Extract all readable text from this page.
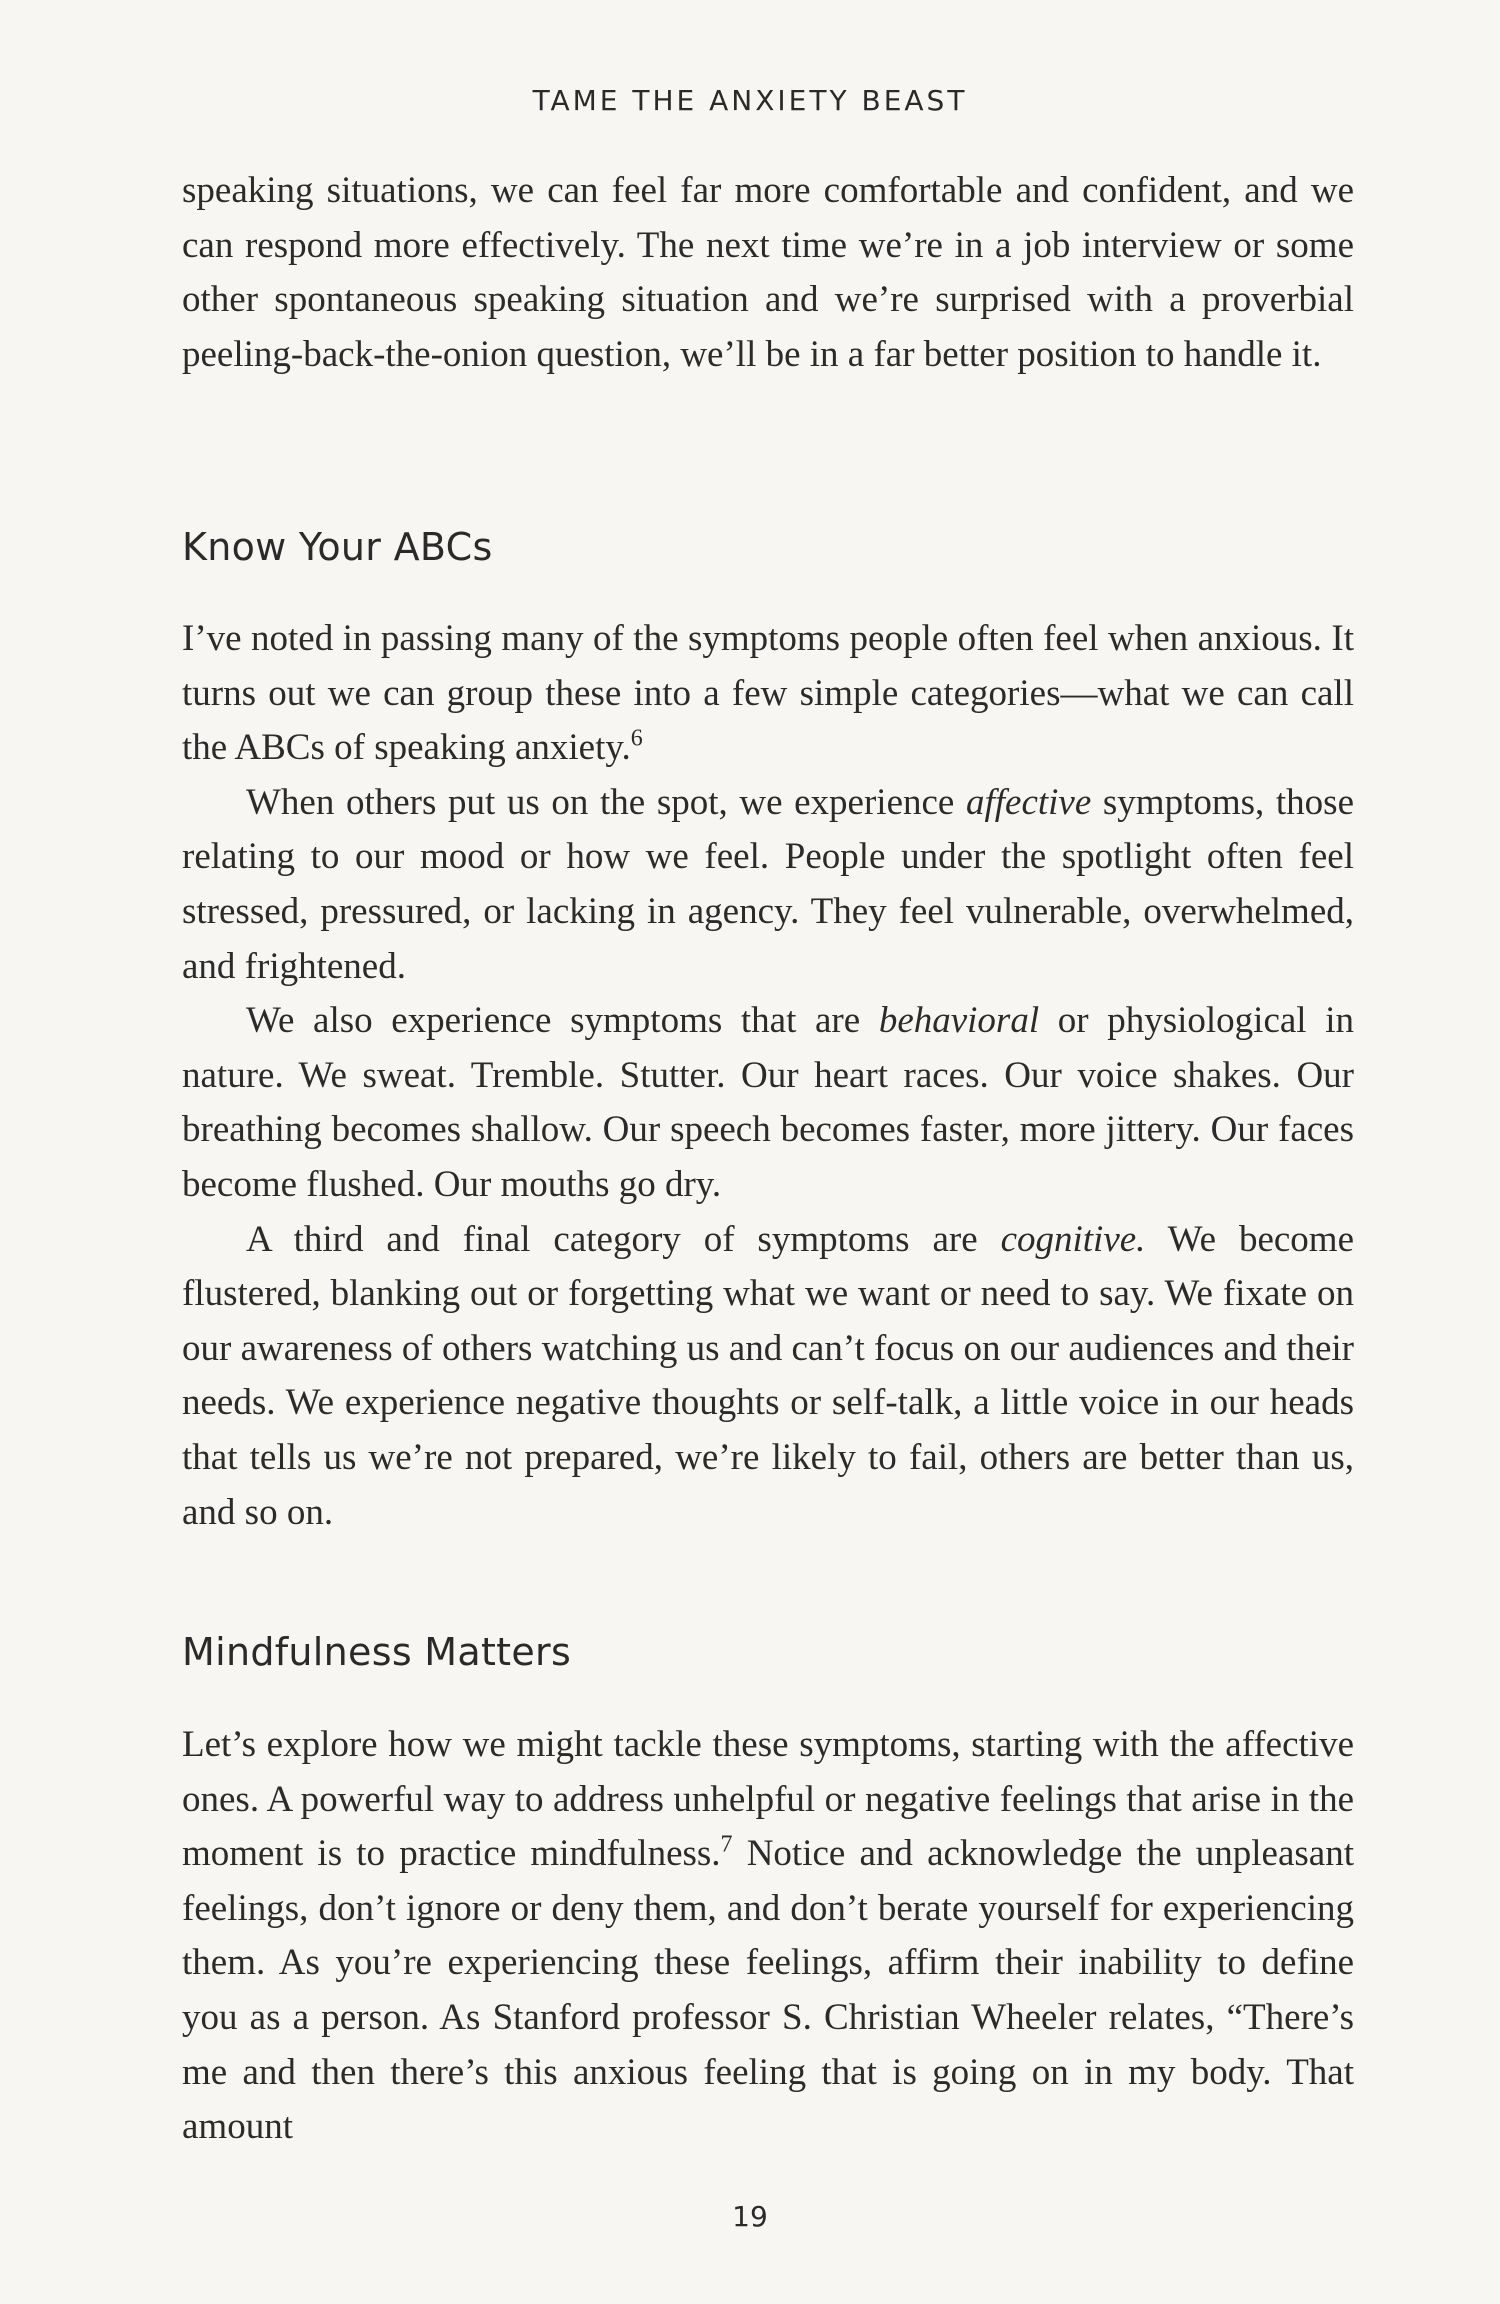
TAME THE ANXIETY BEAST

speaking situations, we can feel far more comfortable and confident, and we can respond more effectively. The next time we’re in a job interview or some other spontaneous speaking situation and we’re surprised with a proverbial peeling-back-the-onion question, we’ll be in a far better position to handle it.

Know Your ABCs

I’ve noted in passing many of the symptoms people often feel when anxious. It turns out we can group these into a few simple categories—what we can call the ABCs of speaking anxiety.$^6$

When others put us on the spot, we experience affective symptoms, those relating to our mood or how we feel. People under the spotlight often feel stressed, pressured, or lacking in agency. They feel vulnerable, overwhelmed, and frightened.

We also experience symptoms that are behavioral or physiological in nature. We sweat. Tremble. Stutter. Our heart races. Our voice shakes. Our breathing becomes shallow. Our speech becomes faster, more jittery. Our faces become flushed. Our mouths go dry.

A third and final category of symptoms are cognitive. We become flustered, blanking out or forgetting what we want or need to say. We fixate on our awareness of others watching us and can’t focus on our audiences and their needs. We experience negative thoughts or self-talk, a little voice in our heads that tells us we’re not prepared, we’re likely to fail, others are better than us, and so on.

Mindfulness Matters

Let’s explore how we might tackle these symptoms, starting with the affective ones. A powerful way to address unhelpful or negative feelings that arise in the moment is to practice mindfulness.$^7$ Notice and acknowledge the unpleasant feelings, don’t ignore or deny them, and don’t berate yourself for experiencing them. As you’re experiencing these feelings, affirm their inability to define you as a person. As Stanford professor S. Christian Wheeler relates, “There’s me and then there’s this anxious feeling that is going on in my body. That amount

19
